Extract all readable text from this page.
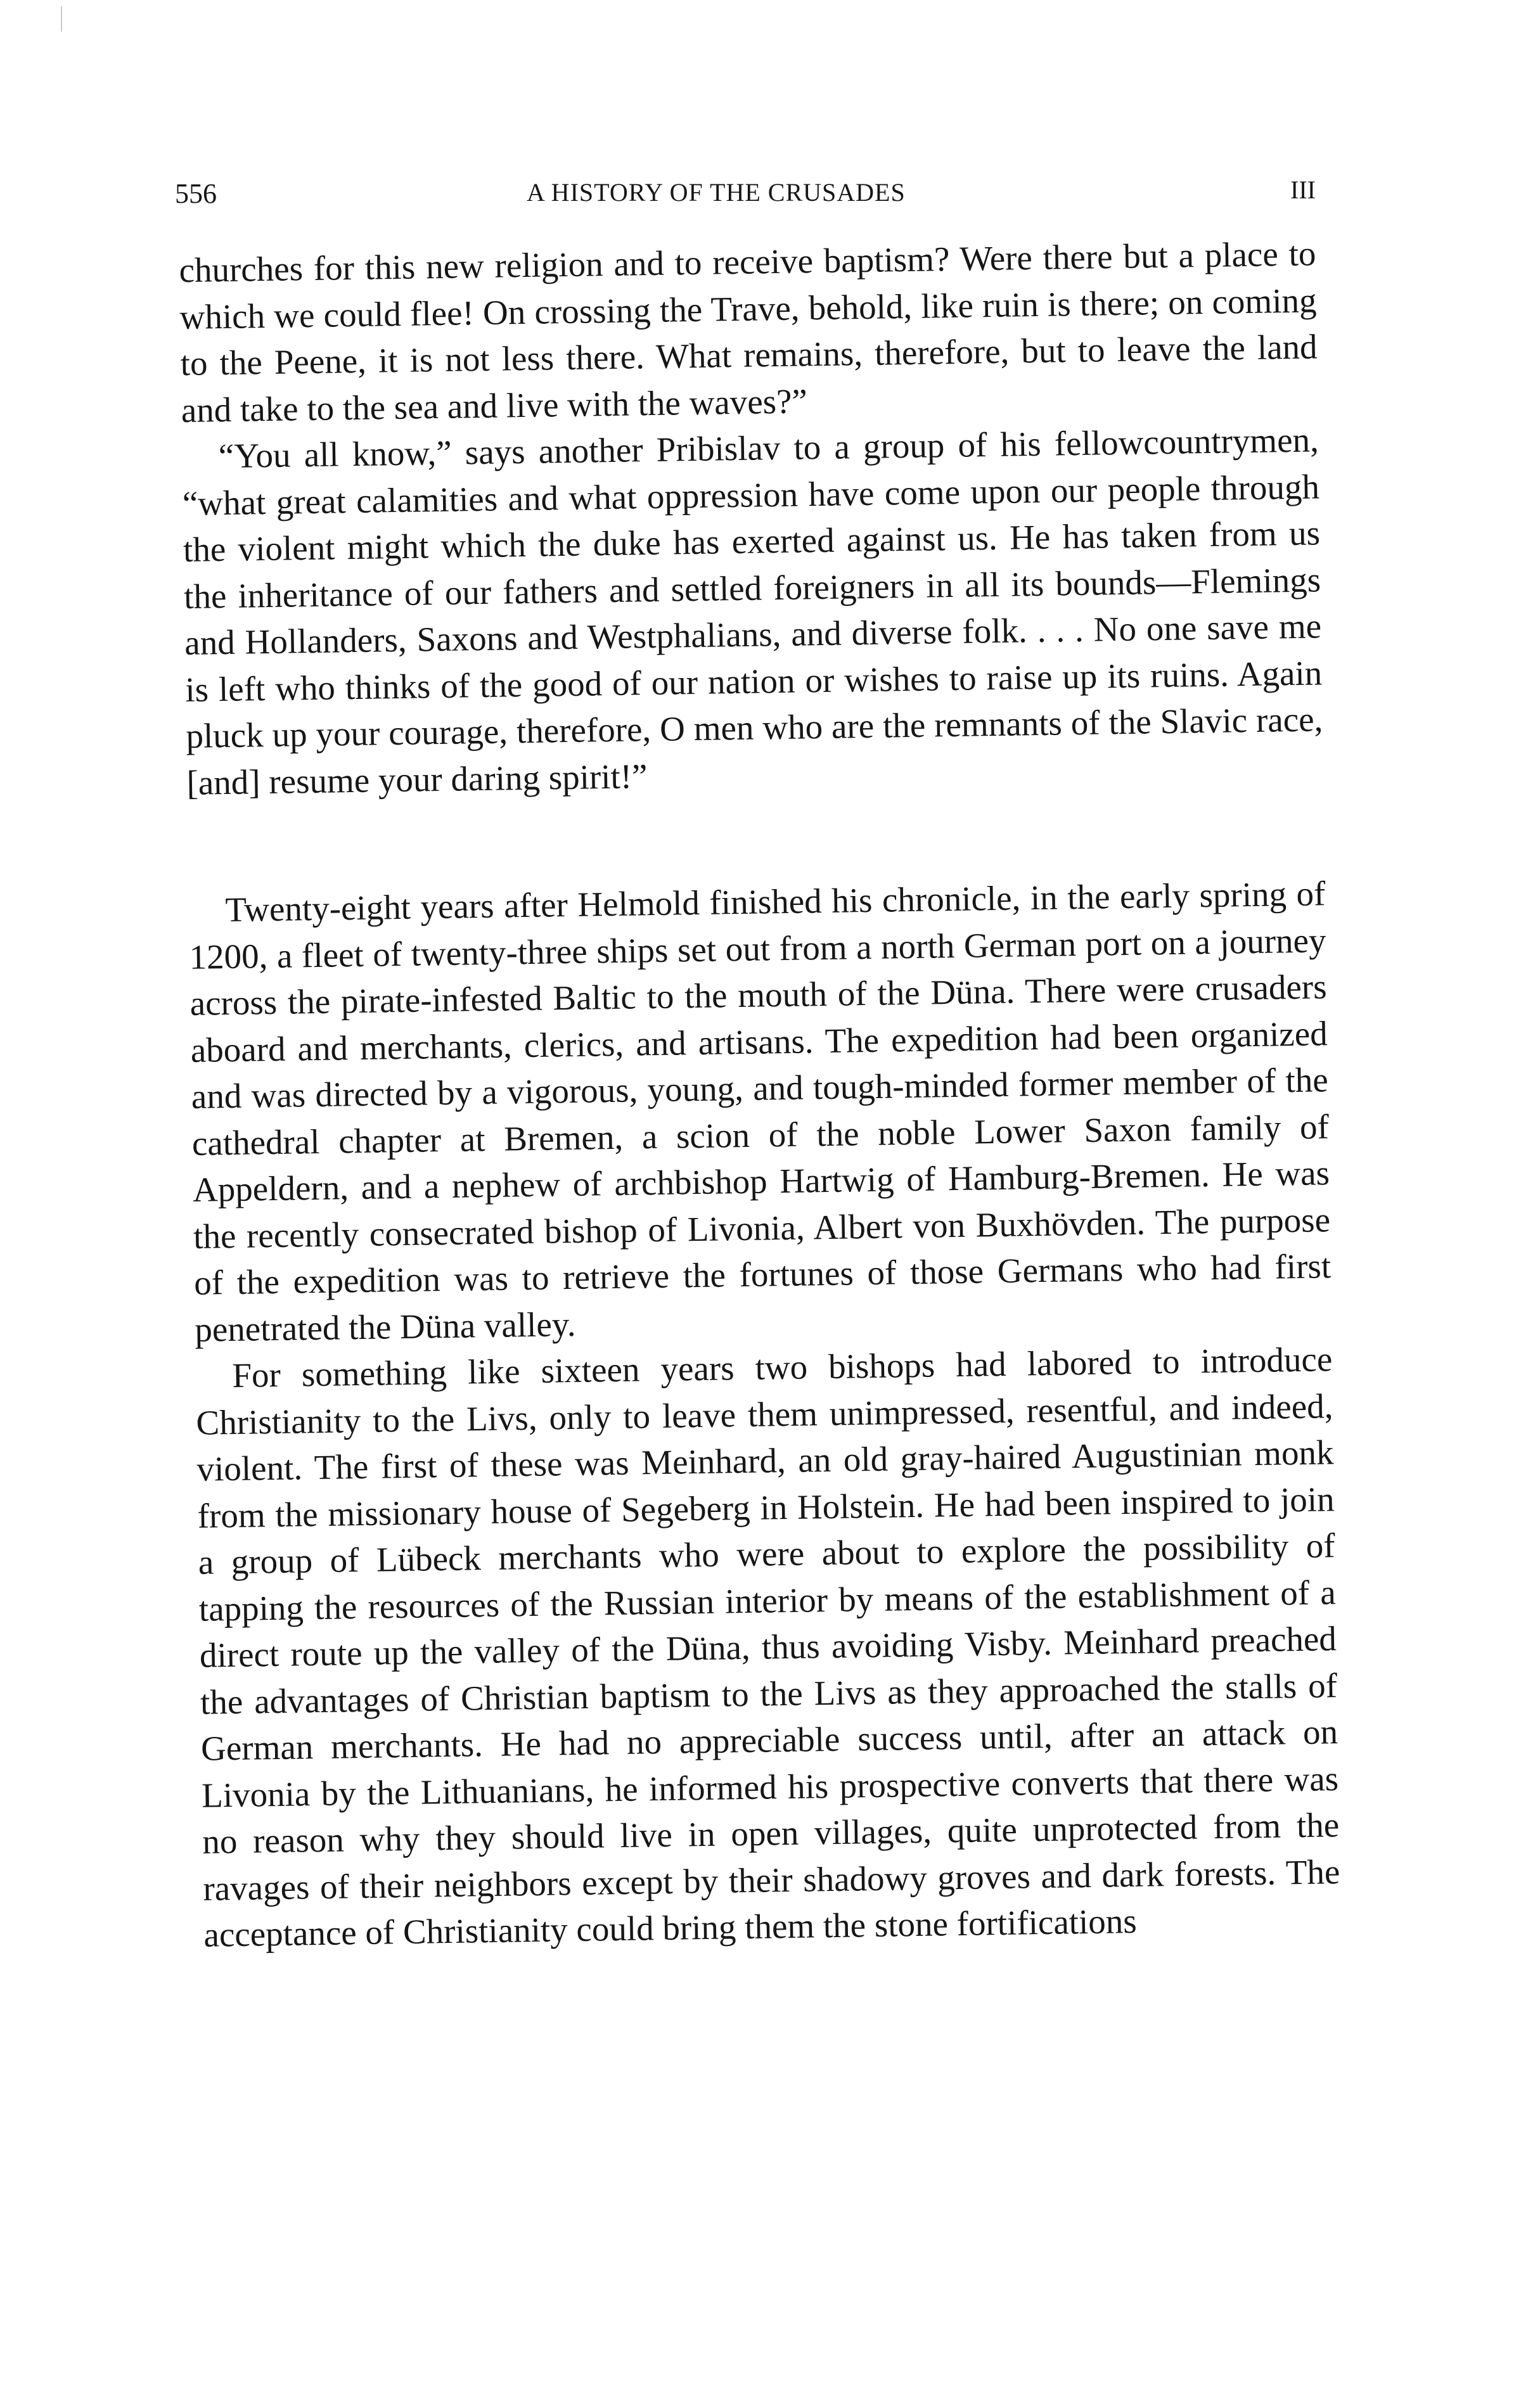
556	A HISTORY OF THE CRUSADES	III

churches for this new religion and to receive baptism? Were there but a place to which we could flee! On crossing the Trave, behold, like ruin is there; on coming to the Peene, it is not less there. What remains, therefore, but to leave the land and take to the sea and live with the waves?”

“You all know,” says another Pribislav to a group of his fellowcountrymen, “what great calamities and what oppression have come upon our people through the violent might which the duke has exerted against us. He has taken from us the inheritance of our fathers and settled foreigners in all its bounds—Flemings and Hollanders, Saxons and Westphalians, and diverse folk. . . . No one save me is left who thinks of the good of our nation or wishes to raise up its ruins. Again pluck up your courage, therefore, O men who are the remnants of the Slavic race, [and] resume your daring spirit!”

Twenty-eight years after Helmold finished his chronicle, in the early spring of 1200, a fleet of twenty-three ships set out from a north German port on a journey across the pirate-infested Baltic to the mouth of the Düna. There were crusaders aboard and merchants, clerics, and artisans. The expedition had been organized and was directed by a vigorous, young, and tough-minded former member of the cathedral chapter at Bremen, a scion of the noble Lower Saxon family of Appeldern, and a nephew of archbishop Hartwig of Hamburg-Bremen. He was the recently consecrated bishop of Livonia, Albert von Buxhövden. The purpose of the expedition was to retrieve the fortunes of those Germans who had first penetrated the Düna valley.

For something like sixteen years two bishops had labored to introduce Christianity to the Livs, only to leave them unimpressed, resentful, and indeed, violent. The first of these was Meinhard, an old gray-haired Augustinian monk from the missionary house of Segeberg in Holstein. He had been inspired to join a group of Lübeck merchants who were about to explore the possibility of tapping the resources of the Russian interior by means of the establishment of a direct route up the valley of the Düna, thus avoiding Visby. Meinhard preached the advantages of Christian baptism to the Livs as they approached the stalls of German merchants. He had no appreciable success until, after an attack on Livonia by the Lithuanians, he informed his prospective converts that there was no reason why they should live in open villages, quite unprotected from the ravages of their neighbors except by their shadowy groves and dark forests. The acceptance of Christianity could bring them the stone fortifications
